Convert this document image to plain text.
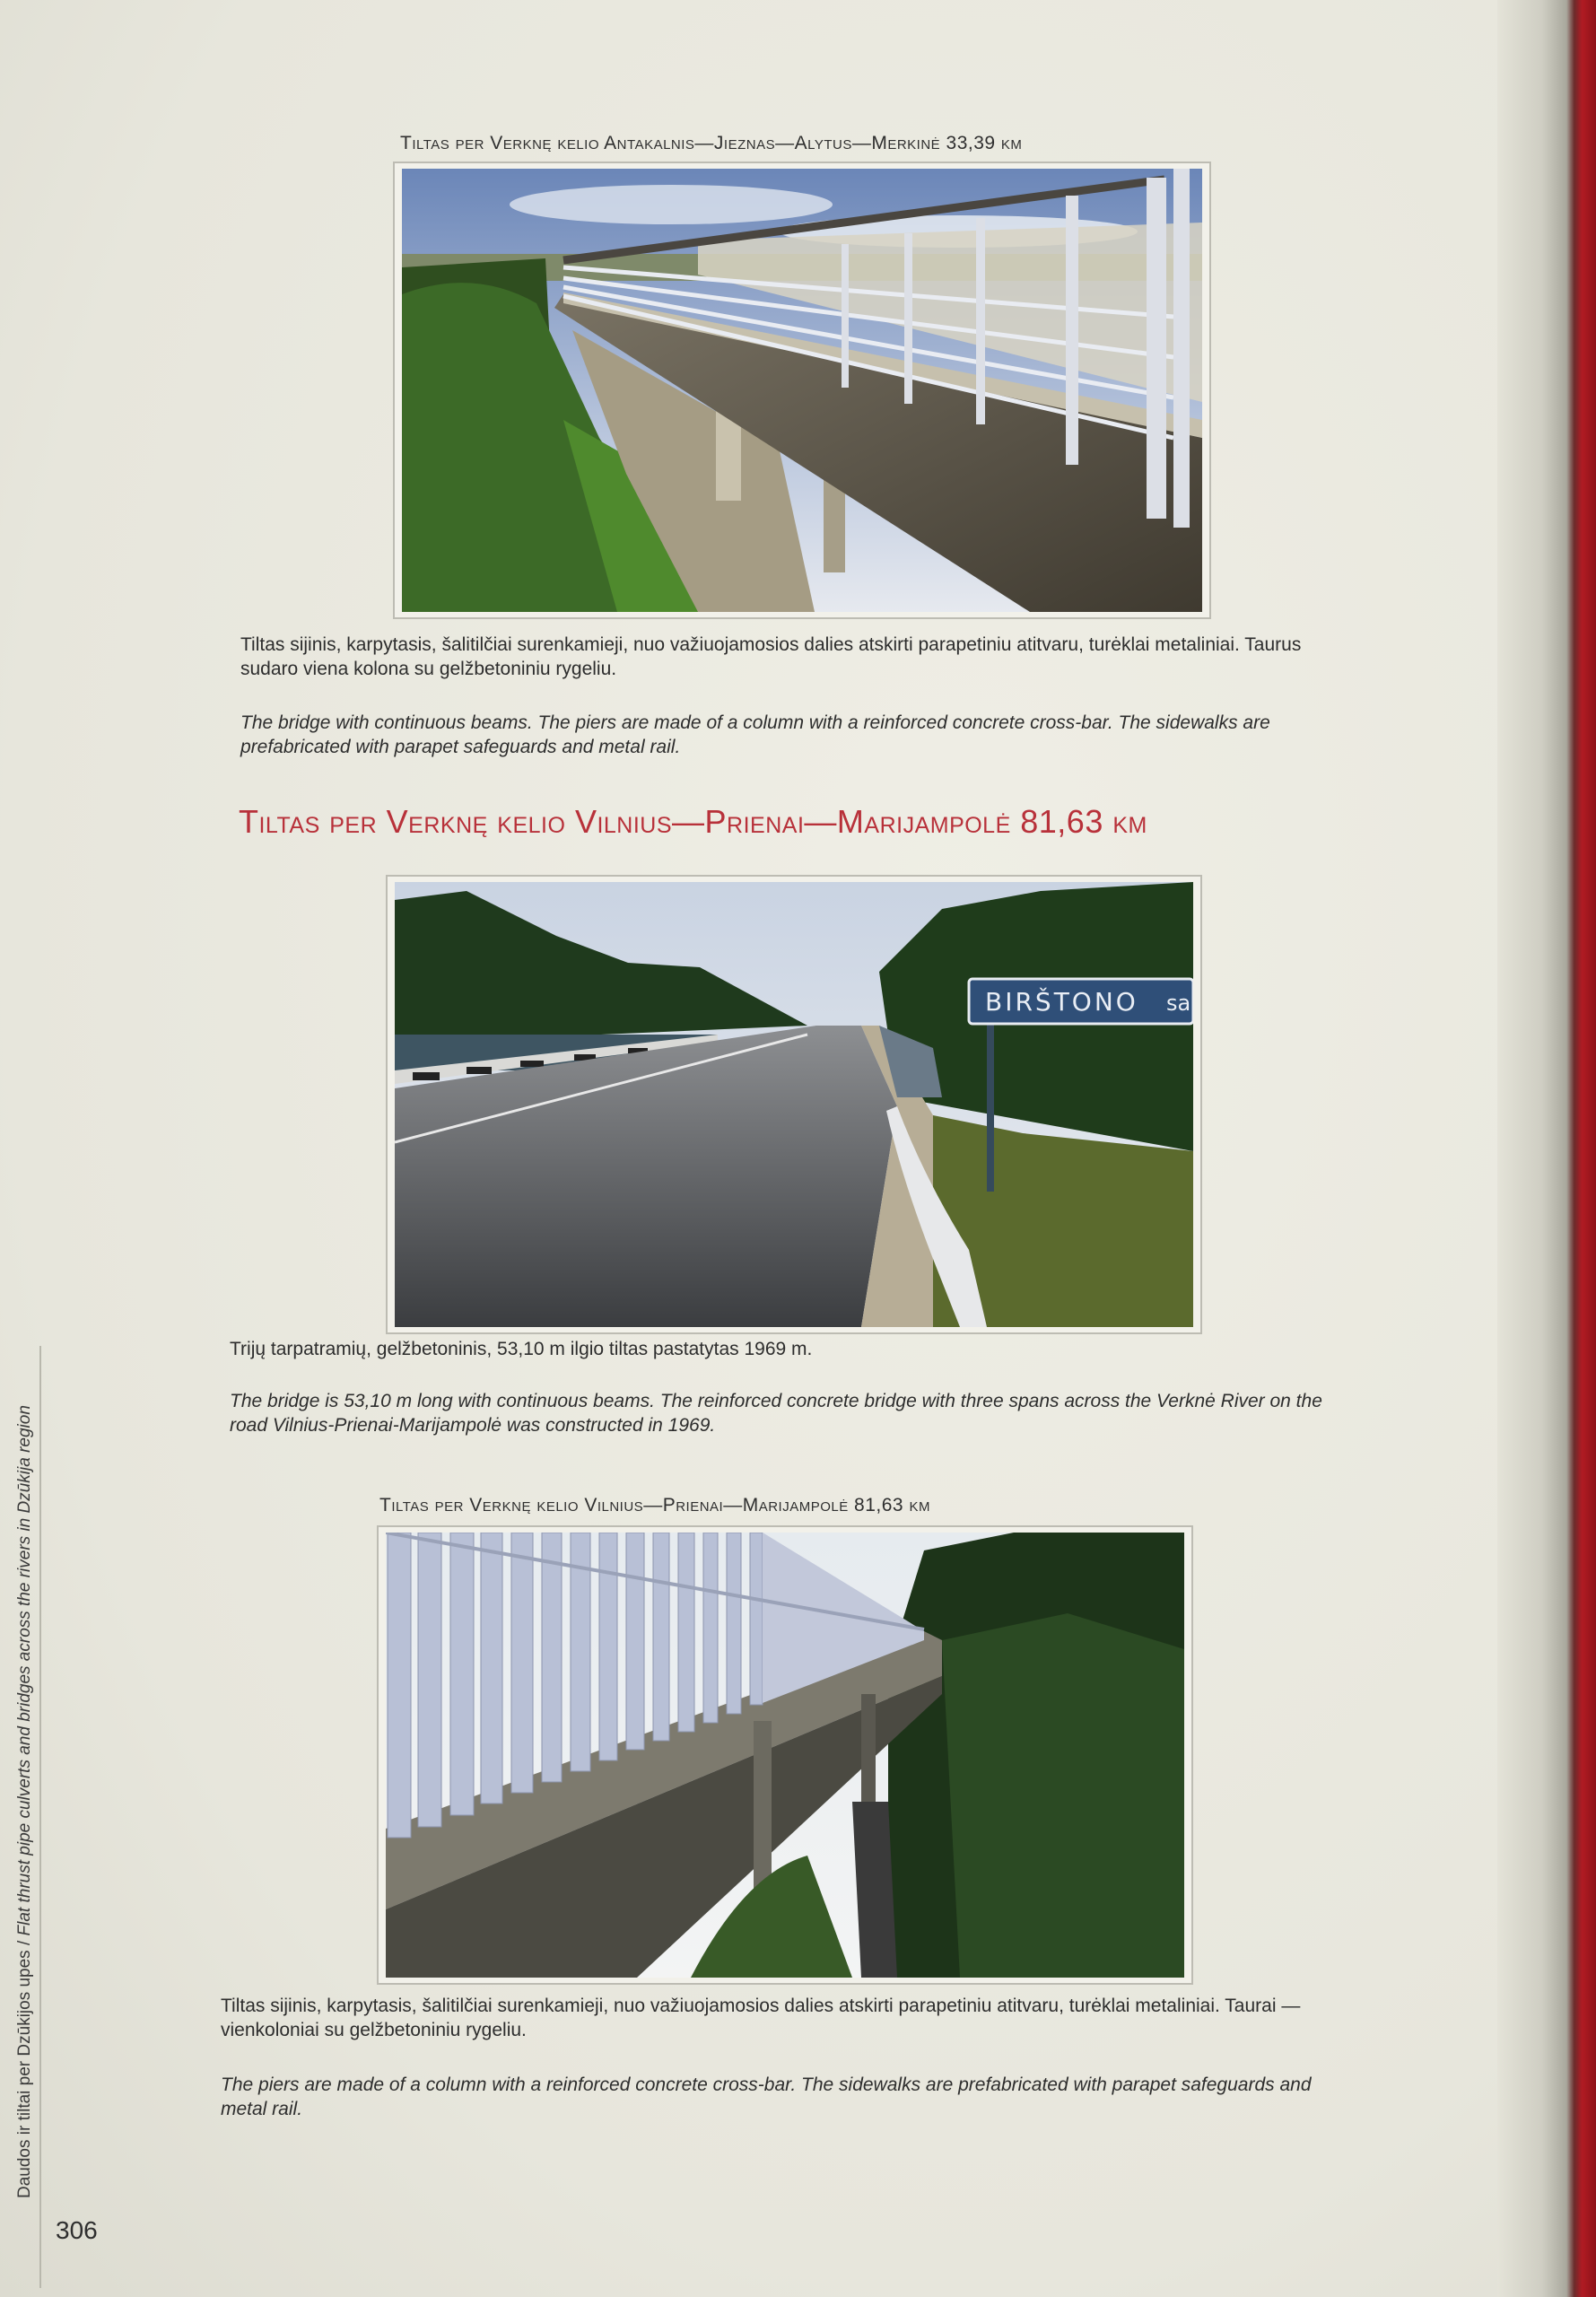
Daudos ir tiltai per Dzūkijos upes / Flat thrust pipe culverts and bridges across the rivers in Dzūkija region
306
Tiltas per Verknę kelio Antakalnis—Jieznas—Alytus—Merkinė 33,39 km
Tiltas sijinis, karpytasis, šalitilčiai surenkamieji, nuo važiuojamosios dalies atskirti parapetiniu atitvaru, turėklai metaliniai. Taurus sudaro viena kolona su gelžbetoniniu rygeliu.
The bridge with continuous beams. The piers are made of a column with a reinforced concrete cross-bar. The sidewalks are prefabricated with parapet safeguards and metal rail.
Tiltas per Verknę kelio Vilnius—Prienai—Marijampolė 81,63 km
BIRŠTONO sa
Trijų tarpatramių, gelžbetoninis, 53,10 m ilgio tiltas pastatytas 1969 m.
The bridge is 53,10 m long with continuous beams. The reinforced concrete bridge with three spans across the Verknė River on the road Vilnius-Prienai-Marijampolė was constructed in 1969.
Tiltas per Verknę kelio Vilnius—Prienai—Marijampolė 81,63 km
Tiltas sijinis, karpytasis, šalitilčiai surenkamieji, nuo važiuojamosios dalies atskirti parapetiniu atitvaru, turėklai metaliniai. Taurai — vienkoloniai su gelžbetoniniu rygeliu.
The piers are made of a column with a reinforced concrete cross-bar. The sidewalks are prefabricated with parapet safeguards and metal rail.
